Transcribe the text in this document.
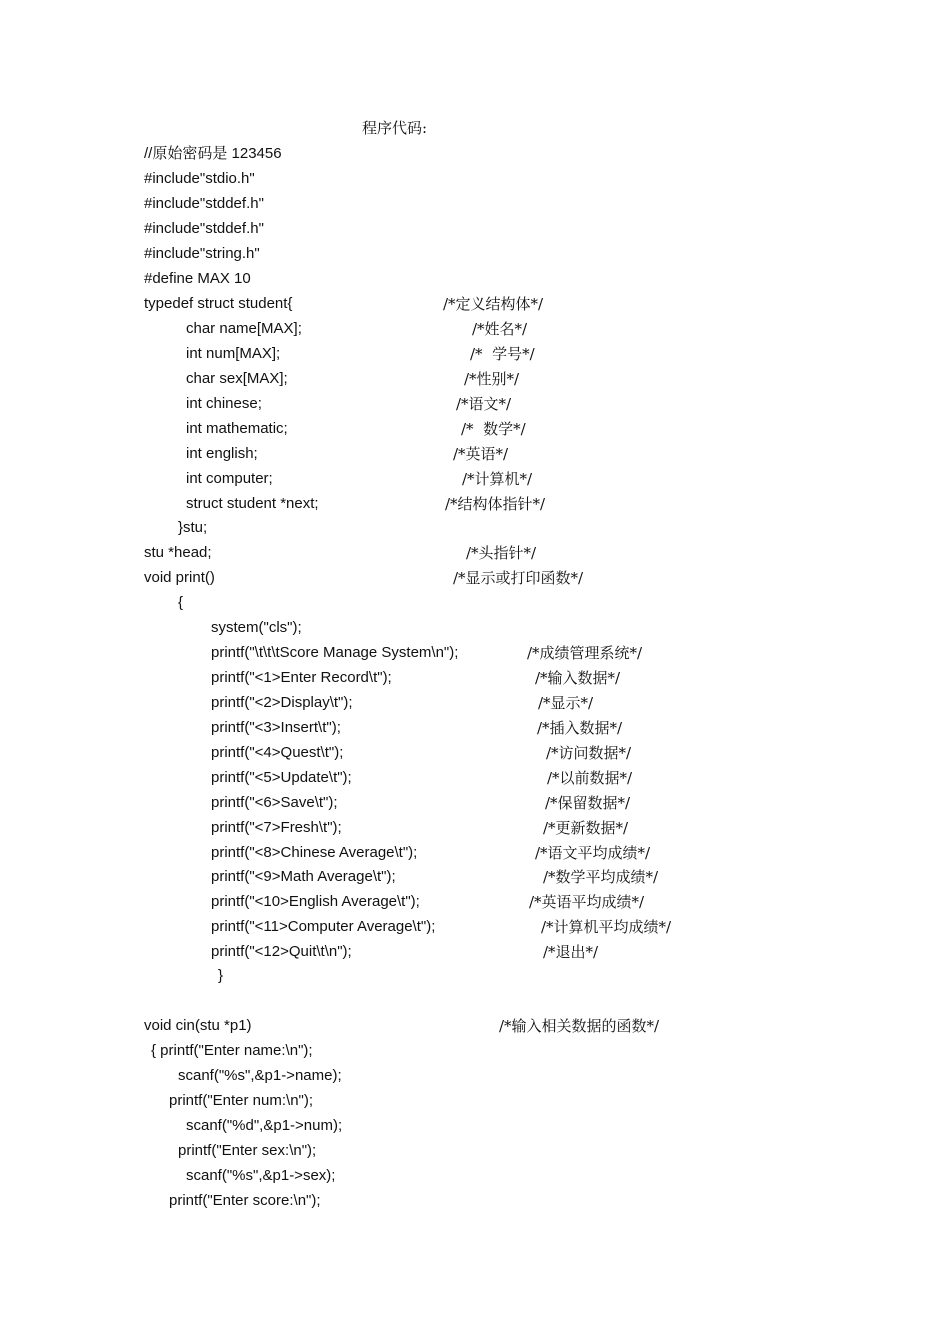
程序代码:
//原始密码是 123456
#include"stdio.h"
#include"stddef.h"
#include"stddef.h"
#include"string.h"
#define MAX 10
typedef struct student{	/*定义结构体*/
char name[MAX];	/*姓名*/
int num[MAX];	/*  学号*/
char sex[MAX];	/*性别*/
int chinese;	/*语文*/
int mathematic;	/*  数学*/
int english;	/*英语*/
int computer;	/*计算机*/
struct student *next;	/*结构体指针*/
}stu;
stu *head;	/*头指针*/
void print()	/*显示或打印函数*/
{
system("cls");
printf("\t\t\tScore Manage System\n");	/*成绩管理系统*/
printf("<1>Enter Record\t");	/*输入数据*/
printf("<2>Display\t");	/*显示*/
printf("<3>Insert\t");	/*插入数据*/
printf("<4>Quest\t");	/*访问数据*/
printf("<5>Update\t");	/*以前数据*/
printf("<6>Save\t");	/*保留数据*/
printf("<7>Fresh\t");	/*更新数据*/
printf("<8>Chinese Average\t");	/*语文平均成绩*/
printf("<9>Math Average\t");	/*数学平均成绩*/
printf("<10>English Average\t");	/*英语平均成绩*/
printf("<11>Computer Average\t");	/*计算机平均成绩*/
printf("<12>Quit\t\n");	/*退出*/
}
void cin(stu *p1)	/*输入相关数据的函数*/
{ printf("Enter name:\n");
scanf("%s",&p1->name);
printf("Enter num:\n");
scanf("%d",&p1->num);
printf("Enter sex:\n");
scanf("%s",&p1->sex);
printf("Enter score:\n");
